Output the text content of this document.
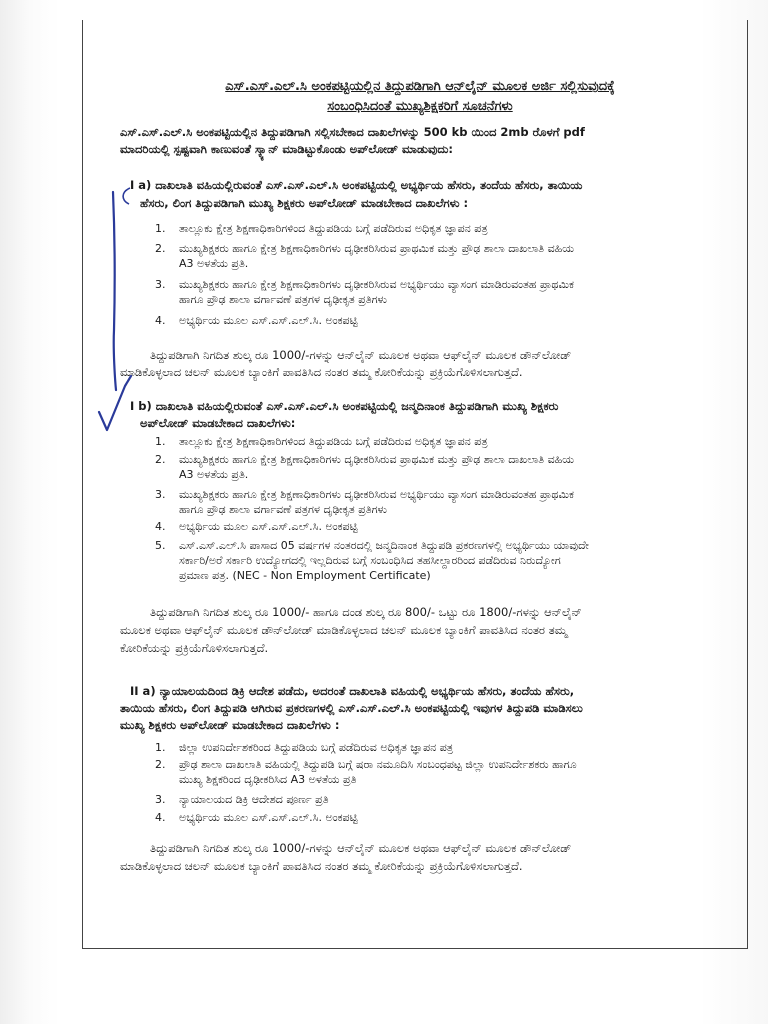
ಎಸ್.ಎಸ್.ಎಲ್.ಸಿ ಅಂಕಪಟ್ಟಿಯಲ್ಲಿನ ತಿದ್ದುಪಡಿಗಾಗಿ ಆನ್‌ಲೈನ್ ಮೂಲಕ ಅರ್ಜಿ ಸಲ್ಲಿಸುವುದಕ್ಕೆ
ಸಂಬಂಧಿಸಿದಂತೆ ಮುಖ್ಯಶಿಕ್ಷಕರಿಗೆ ಸೂಚನೆಗಳು
ಎಸ್.ಎಸ್.ಎಲ್.ಸಿ ಅಂಕಪಟ್ಟಿಯಲ್ಲಿನ ತಿದ್ದುಪಡಿಗಾಗಿ ಸಲ್ಲಿಸಬೇಕಾದ ದಾಖಲೆಗಳನ್ನು 500 kb ಯಿಂದ 2mb ರೊಳಗೆ pdf
ಮಾದರಿಯಲ್ಲಿ ಸ್ಪಷ್ಟವಾಗಿ ಕಾಣುವಂತೆ ಸ್ಕ್ಯಾನ್ ಮಾಡಿಟ್ಟುಕೊಂಡು ಅಪ್‌ಲೋಡ್ ಮಾಡುವುದು:
I a) ದಾಖಲಾತಿ ವಹಿಯಲ್ಲಿರುವಂತೆ ಎಸ್.ಎಸ್.ಎಲ್.ಸಿ ಅಂಕಪಟ್ಟಿಯಲ್ಲಿ ಅಭ್ಯರ್ಥಿಯ ಹೆಸರು, ತಂದೆಯ ಹೆಸರು, ತಾಯಿಯ
ಹೆಸರು, ಲಿಂಗ ತಿದ್ದುಪಡಿಗಾಗಿ ಮುಖ್ಯ ಶಿಕ್ಷಕರು ಅಪ್‌ಲೋಡ್ ಮಾಡಬೇಕಾದ ದಾಖಲೆಗಳು :
1.	ತಾಲ್ಲೂಕು ಕ್ಷೇತ್ರ ಶಿಕ್ಷಣಾಧಿಕಾರಿಗಳಿಂದ ತಿದ್ದುಪಡಿಯ ಬಗ್ಗೆ ಪಡೆದಿರುವ ಅಧಿಕೃತ ಜ್ಞಾಪನ ಪತ್ರ
2.	ಮುಖ್ಯಶಿಕ್ಷಕರು ಹಾಗೂ ಕ್ಷೇತ್ರ ಶಿಕ್ಷಣಾಧಿಕಾರಿಗಳು ದೃಢೀಕರಿಸಿರುವ ಪ್ರಾಥಮಿಕ ಮತ್ತು ಪ್ರೌಢ ಶಾಲಾ ದಾಖಲಾತಿ ವಹಿಯ
A3 ಅಳತೆಯ ಪ್ರತಿ.
3.	ಮುಖ್ಯಶಿಕ್ಷಕರು ಹಾಗೂ ಕ್ಷೇತ್ರ ಶಿಕ್ಷಣಾಧಿಕಾರಿಗಳು ದೃಢೀಕರಿಸಿರುವ ಅಭ್ಯರ್ಥಿಯು ವ್ಯಾಸಂಗ ಮಾಡಿರುವಂತಹ ಪ್ರಾಥಮಿಕ
ಹಾಗೂ ಪ್ರೌಢ ಶಾಲಾ ವರ್ಗಾವಣೆ ಪತ್ರಗಳ ದೃಢೀಕೃತ ಪ್ರತಿಗಳು
4.	ಅಭ್ಯರ್ಥಿಯ ಮೂಲ ಎಸ್.ಎಸ್.ಎಲ್.ಸಿ. ಅಂಕಪಟ್ಟಿ
ತಿದ್ದುಪಡಿಗಾಗಿ ನಿಗದಿತ ಶುಲ್ಕ ರೂ 1000/-ಗಳನ್ನು ಆನ್‌ಲೈನ್ ಮೂಲಕ ಅಥವಾ ಆಫ್‌ಲೈನ್ ಮೂಲಕ ಡೌನ್‌ಲೋಡ್
ಮಾಡಿಕೊಳ್ಳಲಾದ ಚಲನ್ ಮೂಲಕ ಬ್ಯಾಂಕಿಗೆ ಪಾವತಿಸಿದ ನಂತರ ತಮ್ಮ ಕೋರಿಕೆಯನ್ನು ಪ್ರಕ್ರಿಯೆಗೊಳಿಸಲಾಗುತ್ತದೆ.
I b) ದಾಖಲಾತಿ ವಹಿಯಲ್ಲಿರುವಂತೆ ಎಸ್.ಎಸ್.ಎಲ್.ಸಿ ಅಂಕಪಟ್ಟಿಯಲ್ಲಿ ಜನ್ಮದಿನಾಂಕ ತಿದ್ದುಪಡಿಗಾಗಿ ಮುಖ್ಯ ಶಿಕ್ಷಕರು
ಅಪ್‌ಲೋಡ್ ಮಾಡಬೇಕಾದ ದಾಖಲೆಗಳು:
1.	ತಾಲ್ಲೂಕು ಕ್ಷೇತ್ರ ಶಿಕ್ಷಣಾಧಿಕಾರಿಗಳಿಂದ ತಿದ್ದುಪಡಿಯ ಬಗ್ಗೆ ಪಡೆದಿರುವ ಅಧಿಕೃತ ಜ್ಞಾಪನ ಪತ್ರ
2.	ಮುಖ್ಯಶಿಕ್ಷಕರು ಹಾಗೂ ಕ್ಷೇತ್ರ ಶಿಕ್ಷಣಾಧಿಕಾರಿಗಳು ದೃಢೀಕರಿಸಿರುವ ಪ್ರಾಥಮಿಕ ಮತ್ತು ಪ್ರೌಢ ಶಾಲಾ ದಾಖಲಾತಿ ವಹಿಯ
A3 ಅಳತೆಯ ಪ್ರತಿ.
3.	ಮುಖ್ಯಶಿಕ್ಷಕರು ಹಾಗೂ ಕ್ಷೇತ್ರ ಶಿಕ್ಷಣಾಧಿಕಾರಿಗಳು ದೃಢೀಕರಿಸಿರುವ ಅಭ್ಯರ್ಥಿಯು ವ್ಯಾಸಂಗ ಮಾಡಿರುವಂತಹ ಪ್ರಾಥಮಿಕ
ಹಾಗೂ ಪ್ರೌಢ ಶಾಲಾ ವರ್ಗಾವಣೆ ಪತ್ರಗಳ ದೃಢೀಕೃತ ಪ್ರತಿಗಳು
4.	ಅಭ್ಯರ್ಥಿಯ ಮೂಲ ಎಸ್.ಎಸ್.ಎಲ್.ಸಿ. ಅಂಕಪಟ್ಟಿ
5.	ಎಸ್.ಎಸ್.ಎಲ್.ಸಿ ಪಾಸಾದ 05 ವರ್ಷಗಳ ನಂತರದಲ್ಲಿ ಜನ್ಮದಿನಾಂಕ ತಿದ್ದುಪಡಿ ಪ್ರಕರಣಗಳಲ್ಲಿ ಅಭ್ಯರ್ಥಿಯು ಯಾವುದೇ
ಸರ್ಕಾರಿ/ಅರೆ ಸರ್ಕಾರಿ ಉದ್ಯೋಗದಲ್ಲಿ ಇಲ್ಲದಿರುವ ಬಗ್ಗೆ ಸಂಬಂಧಿಸಿದ ತಹಸೀಲ್ದಾರರಿಂದ ಪಡೆದಿರುವ ನಿರುದ್ಯೋಗ
ಪ್ರಮಾಣ ಪತ್ರ. (NEC - Non Employment Certificate)
ತಿದ್ದುಪಡಿಗಾಗಿ ನಿಗದಿತ ಶುಲ್ಕ ರೂ 1000/- ಹಾಗೂ ದಂಡ ಶುಲ್ಕ ರೂ 800/- ಒಟ್ಟು ರೂ 1800/-ಗಳನ್ನು ಆನ್‌ಲೈನ್
ಮೂಲಕ ಅಥವಾ ಆಫ್‌ಲೈನ್ ಮೂಲಕ ಡೌನ್‌ಲೋಡ್ ಮಾಡಿಕೊಳ್ಳಲಾದ ಚಲನ್ ಮೂಲಕ ಬ್ಯಾಂಕಿಗೆ ಪಾವತಿಸಿದ ನಂತರ ತಮ್ಮ
ಕೋರಿಕೆಯನ್ನು ಪ್ರಕ್ರಿಯೆಗೊಳಿಸಲಾಗುತ್ತದೆ.
II a) ನ್ಯಾಯಾಲಯದಿಂದ ಡಿಕ್ರಿ ಆದೇಶ ಪಡೆದು, ಅದರಂತೆ ದಾಖಲಾತಿ ವಹಿಯಲ್ಲಿ ಅಭ್ಯರ್ಥಿಯ ಹೆಸರು, ತಂದೆಯ ಹೆಸರು,
ತಾಯಿಯ ಹೆಸರು, ಲಿಂಗ ತಿದ್ದುಪಡಿ ಆಗಿರುವ ಪ್ರಕರಣಗಳಲ್ಲಿ ಎಸ್.ಎಸ್.ಎಲ್.ಸಿ ಅಂಕಪಟ್ಟಿಯಲ್ಲಿ ಇವುಗಳ ತಿದ್ದುಪಡಿ ಮಾಡಿಸಲು
ಮುಖ್ಯ ಶಿಕ್ಷಕರು ಅಪ್‌ಲೋಡ್ ಮಾಡಬೇಕಾದ ದಾಖಲೆಗಳು :
1.	ಜಿಲ್ಲಾ ಉಪನಿರ್ದೇಶಕರಿಂದ ತಿದ್ದುಪಡಿಯ ಬಗ್ಗೆ ಪಡೆದಿರುವ ಅಧಿಕೃತ ಜ್ಞಾಪನ ಪತ್ರ
2.	ಪ್ರೌಢ ಶಾಲಾ ದಾಖಲಾತಿ ವಹಿಯಲ್ಲಿ ತಿದ್ದುಪಡಿ ಬಗ್ಗೆ ಷರಾ ನಮೂದಿಸಿ ಸಂಬಂಧಪಟ್ಟ ಜಿಲ್ಲಾ ಉಪನಿರ್ದೇಶಕರು ಹಾಗೂ
ಮುಖ್ಯ ಶಿಕ್ಷಕರಿಂದ ದೃಢೀಕರಿಸಿದ A3 ಅಳತೆಯ ಪ್ರತಿ
3.	ನ್ಯಾಯಾಲಯದ ಡಿಕ್ರಿ ಆದೇಶದ ಪೂರ್ಣ ಪ್ರತಿ
4.	ಅಭ್ಯರ್ಥಿಯ ಮೂಲ ಎಸ್.ಎಸ್.ಎಲ್.ಸಿ. ಅಂಕಪಟ್ಟಿ
ತಿದ್ದುಪಡಿಗಾಗಿ ನಿಗದಿತ ಶುಲ್ಕ ರೂ 1000/-ಗಳನ್ನು ಆನ್‌ಲೈನ್ ಮೂಲಕ ಅಥವಾ ಆಫ್‌ಲೈನ್ ಮೂಲಕ ಡೌನ್‌ಲೋಡ್
ಮಾಡಿಕೊಳ್ಳಲಾದ ಚಲನ್ ಮೂಲಕ ಬ್ಯಾಂಕಿಗೆ ಪಾವತಿಸಿದ ನಂತರ ತಮ್ಮ ಕೋರಿಕೆಯನ್ನು ಪ್ರಕ್ರಿಯೆಗೊಳಿಸಲಾಗುತ್ತದೆ.
